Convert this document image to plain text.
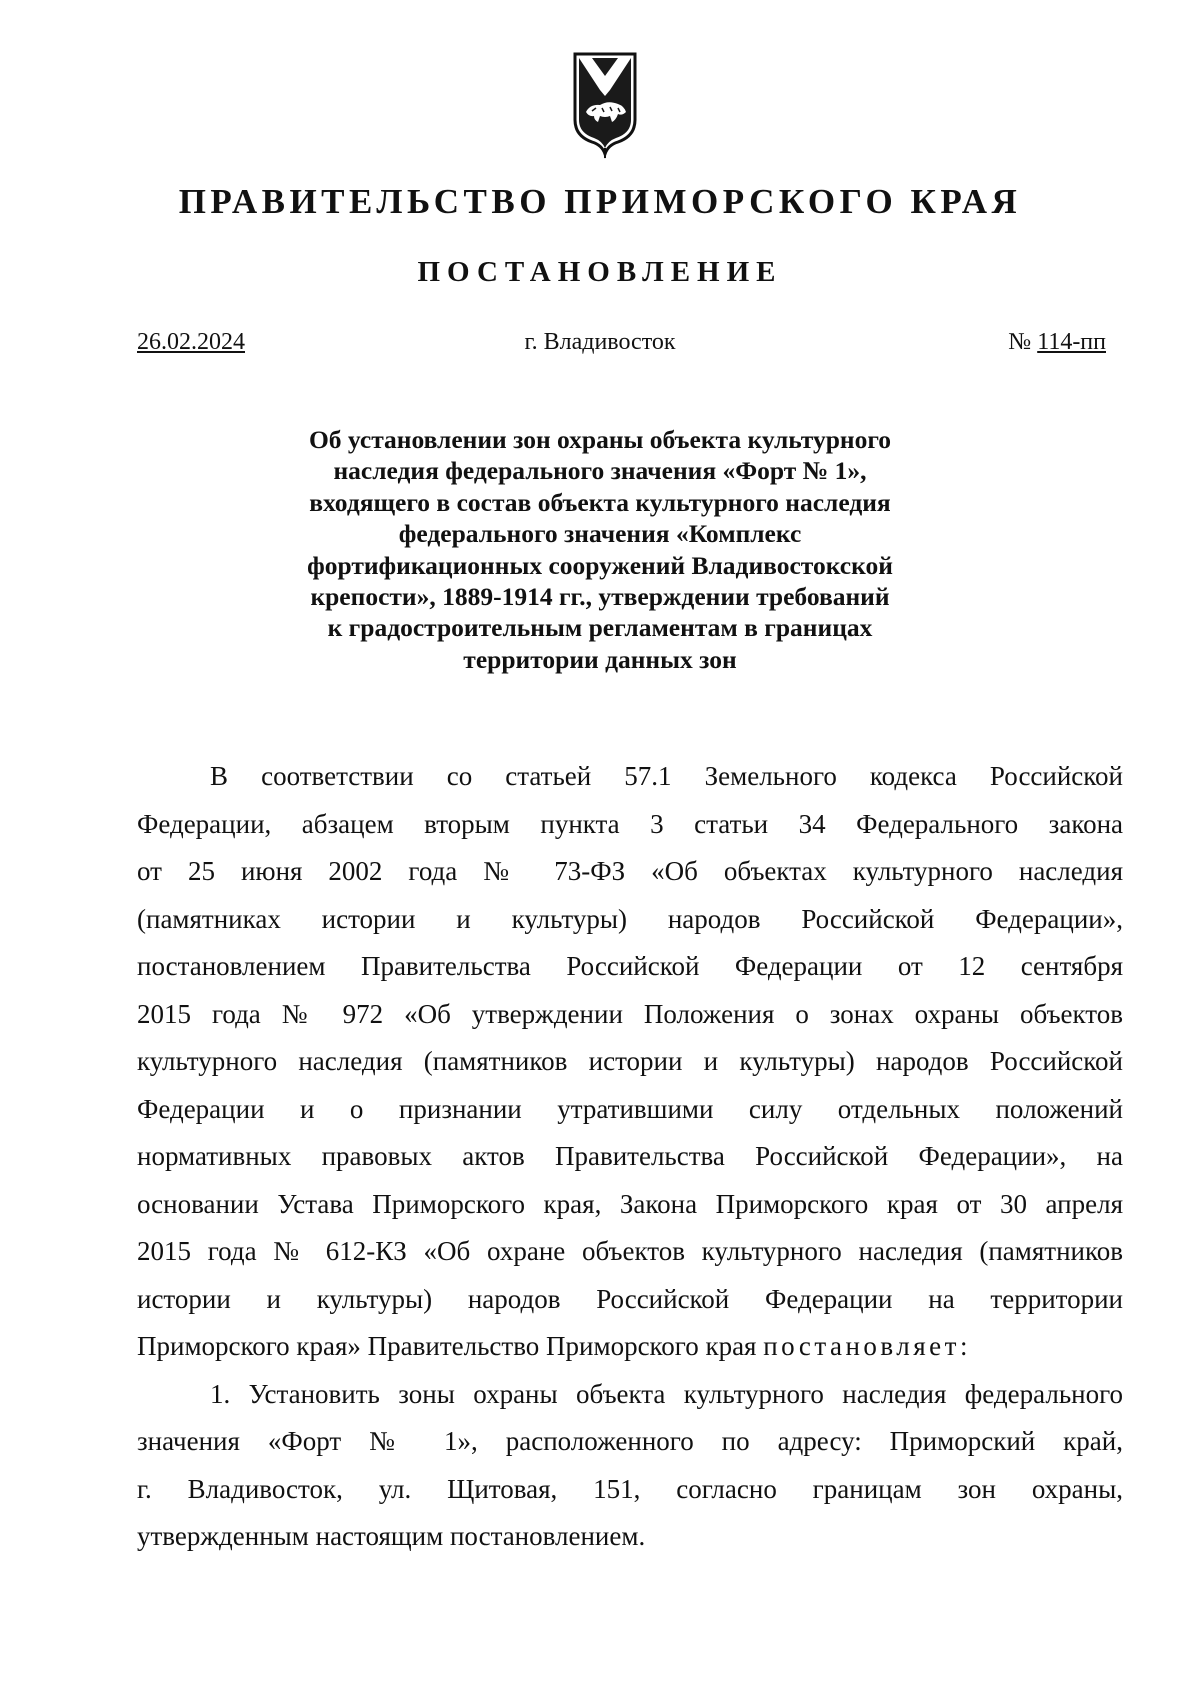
ПРАВИТЕЛЬСТВО ПРИМОРСКОГО КРАЯ
ПОСТАНОВЛЕНИЕ
26.02.2024	г. Владивосток	№ 114-пп
Об установлении зон охраны объекта культурного
наследия федерального значения «Форт № 1»,
входящего в состав объекта культурного наследия
федерального значения «Комплекс
фортификационных сооружений Владивостокской
крепости», 1889-1914 гг., утверждении требований
к градостроительным регламентам в границах
территории данных зон
В соответствии со статьей 57.1 Земельного кодекса Российской
Федерации, абзацем вторым пункта 3 статьи 34 Федерального закона
от 25 июня 2002 года № 73-ФЗ «Об объектах культурного наследия
(памятниках истории и культуры) народов Российской Федерации»,
постановлением Правительства Российской Федерации от 12 сентября
2015 года № 972 «Об утверждении Положения о зонах охраны объектов
культурного наследия (памятников истории и культуры) народов Российской
Федерации и о признании утратившими силу отдельных положений
нормативных правовых актов Правительства Российской Федерации», на
основании Устава Приморского края, Закона Приморского края от 30 апреля
2015 года № 612-КЗ «Об охране объектов культурного наследия (памятников
истории и культуры) народов Российской Федерации на территории
Приморского края» Правительство Приморского края постановляет:
1. Установить зоны охраны объекта культурного наследия федерального
значения «Форт № 1», расположенного по адресу: Приморский край,
г. Владивосток, ул. Щитовая, 151, согласно границам зон охраны,
утвержденным настоящим постановлением.
